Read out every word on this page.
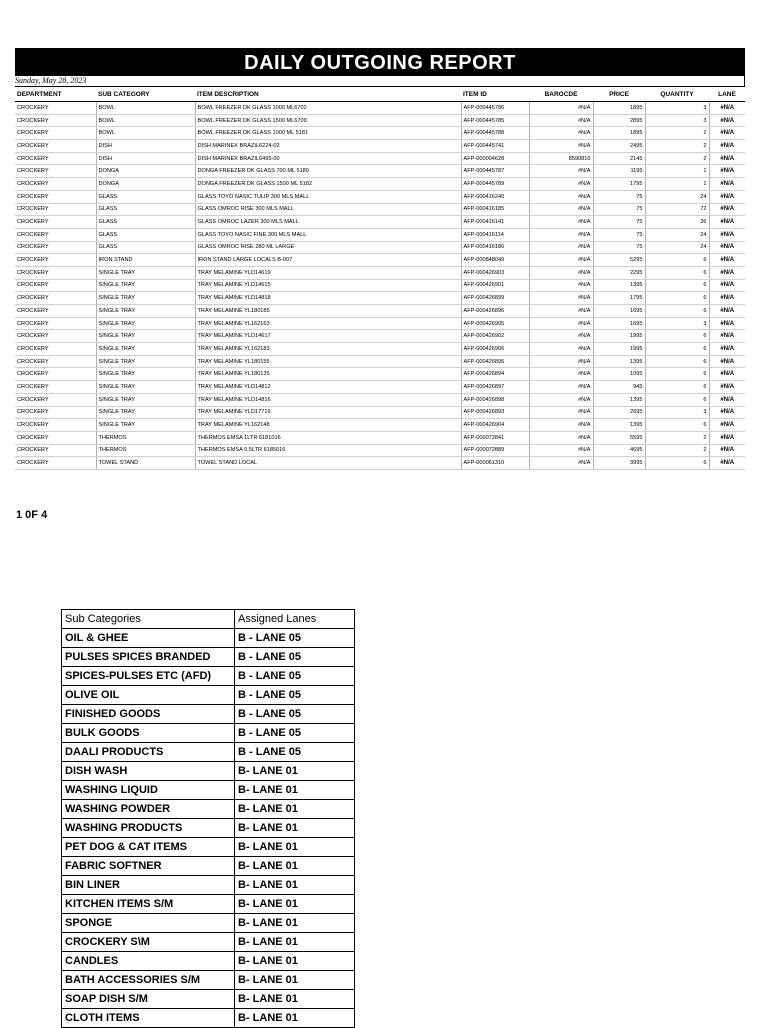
DAILY OUTGOING REPORT
Sunday, May 28, 2023
DEPARTMENT	SUB CATEGORY	ITEM DESCRIPTION	ITEM ID	BAROCDE	PRICE	QUANTITY	LANE
CROCKERY	BOWL	BOWL FREEZER DK GLASS 1000 ML6702	AFP-000445786	#N/A	1895	3	#N/A
CROCKERY	BOWL	BOWL FREEZER DK GLASS 1500 ML6709	AFP-000445785	#N/A	2895	3	#N/A
CROCKERY	BOWL	BOWL FREEZER DK GLASS 1000 ML 5181	AFP-000445788	#N/A	1895	2	#N/A
CROCKERY	DISH	DISH MARINEX BRAZIL6224-02	AFP-000445741	#N/A	2495	2	#N/A
CROCKERY	DISH	DISH MARINEX BRAZIL6495-00	AFP-000004628	8590816	2145	2	#N/A
CROCKERY	DONGA	DONGA FREEZER DK GLASS 700 ML 5180	AFP-000445787	#N/A	1195	1	#N/A
CROCKERY	DONGA	DONGA FREEZER DK GLASS 1500 ML 5182	AFP-000445789	#N/A	1795	1	#N/A
CROCKERY	GLASS	GLASS TOYO NASIC TULIP 300 MLS MALL	AFP-000416240	#N/A	75	24	#N/A
CROCKERY	GLASS	GLASS OMROC RISE 300 MLS MALL	AFP-000416185	#N/A	75	72	#N/A
CROCKERY	GLASS	GLASS OMROC LAZER 300 MLS MALL	AFP-000416141	#N/A	75	36	#N/A
CROCKERY	GLASS	GLASS TOYO NASIC FINE 300 MLS MALL	AFP-000416114	#N/A	75	24	#N/A
CROCKERY	GLASS	GLASS OMROC RISE 280 ML LARGE	AFP-000416186	#N/A	75	24	#N/A
CROCKERY	IRON STAND	IRON STAND LARGE LOCALS B-007	AFP-000848049	#N/A	5295	6	#N/A
CROCKERY	SINGLE TRAY	TRAY MELAMINE YLD14619	AFP-000426903	#N/A	2295	6	#N/A
CROCKERY	SINGLE TRAY	TRAY MELAMINE YLD14615	AFP-000426901	#N/A	1395	6	#N/A
CROCKERY	SINGLE TRAY	TRAY MELAMINE YLD14818	AFP-000426899	#N/A	1795	6	#N/A
CROCKERY	SINGLE TRAY	TRAY MELAMINE YL180185	AFP-000426896	#N/A	1695	6	#N/A
CROCKERY	SINGLE TRAY	TRAY MELAMINE YL162163	AFP-000426905	#N/A	1695	3	#N/A
CROCKERY	SINGLE TRAY	TRAY MELAMINE YLD14617	AFP-000426902	#N/A	1995	6	#N/A
CROCKERY	SINGLE TRAY	TRAY MELAMINE YL162183	AFP-000426906	#N/A	1995	6	#N/A
CROCKERY	SINGLE TRAY	TRAY MELAMINE YL180155	AFP-000426895	#N/A	1395	6	#N/A
CROCKERY	SINGLE TRAY	TRAY MELAMINE YL180135	AFP-000426894	#N/A	1095	6	#N/A
CROCKERY	SINGLE TRAY	TRAY MELAMINE YLD14812	AFP-000426897	#N/A	945	6	#N/A
CROCKERY	SINGLE TRAY	TRAY MELAMINE YLD14816	AFP-000426898	#N/A	1395	6	#N/A
CROCKERY	SINGLE TRAY	TRAY MELAMINE YLD17719	AFP-000426893	#N/A	2695	3	#N/A
CROCKERY	SINGLE TRAY	TRAY MELAMINE YL162148	AFP-000426904	#N/A	1395	6	#N/A
CROCKERY	THERMOS	THERMOS EMSA 1LTR 6181016	AFP-000072841	#N/A	5595	2	#N/A
CROCKERY	THERMOS	THERMOS EMSA 0.5LTR 6185016	AFP-000072889	#N/A	4695	2	#N/A
CROCKERY	TOWEL STAND	TOWEL STAND LOCAL	AFP-000061310	#N/A	3995	6	#N/A
1 0F 4
Sub Categories	Assigned Lanes
OIL & GHEE	B - LANE 05
PULSES SPICES BRANDED	B - LANE 05
SPICES-PULSES ETC (AFD)	B - LANE 05
OLIVE OIL	B - LANE 05
FINISHED GOODS	B - LANE 05
BULK GOODS	B - LANE 05
DAALI PRODUCTS	B - LANE 05
DISH WASH	B- LANE 01
WASHING LIQUID	B- LANE 01
WASHING POWDER	B- LANE 01
WASHING PRODUCTS	B- LANE 01
PET DOG & CAT ITEMS	B- LANE 01
FABRIC SOFTNER	B- LANE 01
BIN LINER	B- LANE 01
KITCHEN ITEMS S/M	B- LANE 01
SPONGE	B- LANE 01
CROCKERY S\M	B- LANE 01
CANDLES	B- LANE 01
BATH ACCESSORIES S/M	B- LANE 01
SOAP DISH S/M	B- LANE 01
CLOTH ITEMS	B- LANE 01
